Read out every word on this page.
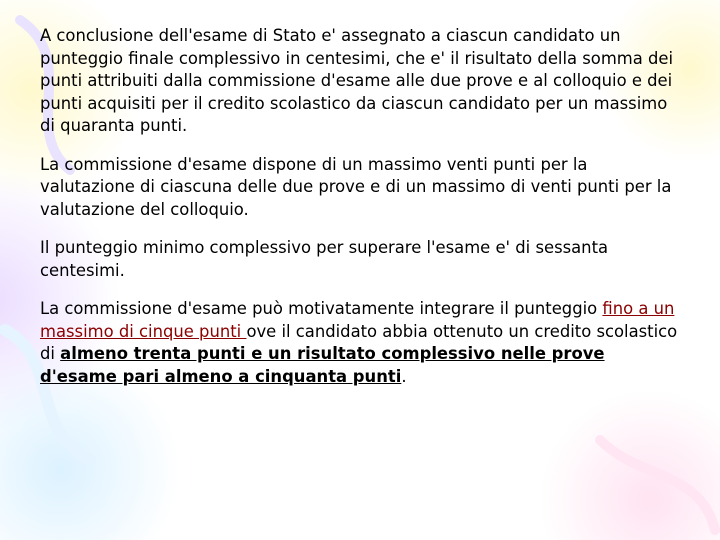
A conclusione dell'esame di Stato e' assegnato a ciascun candidato un punteggio finale complessivo in centesimi, che e' il risultato della somma dei punti attribuiti dalla commissione d'esame alle due prove e al colloquio e dei punti acquisiti per il credito scolastico da ciascun candidato per un massimo di quaranta punti.

La commissione d'esame dispone di un massimo venti punti per la valutazione di ciascuna delle due prove e di un massimo di venti punti per la valutazione del colloquio.

Il punteggio minimo complessivo per superare l'esame e' di sessanta centesimi.

La commissione d'esame può motivatamente integrare il punteggio fino a un massimo di cinque punti ove il candidato abbia ottenuto un credito scolastico di almeno trenta punti e un risultato complessivo nelle prove d'esame pari almeno a cinquanta punti.
